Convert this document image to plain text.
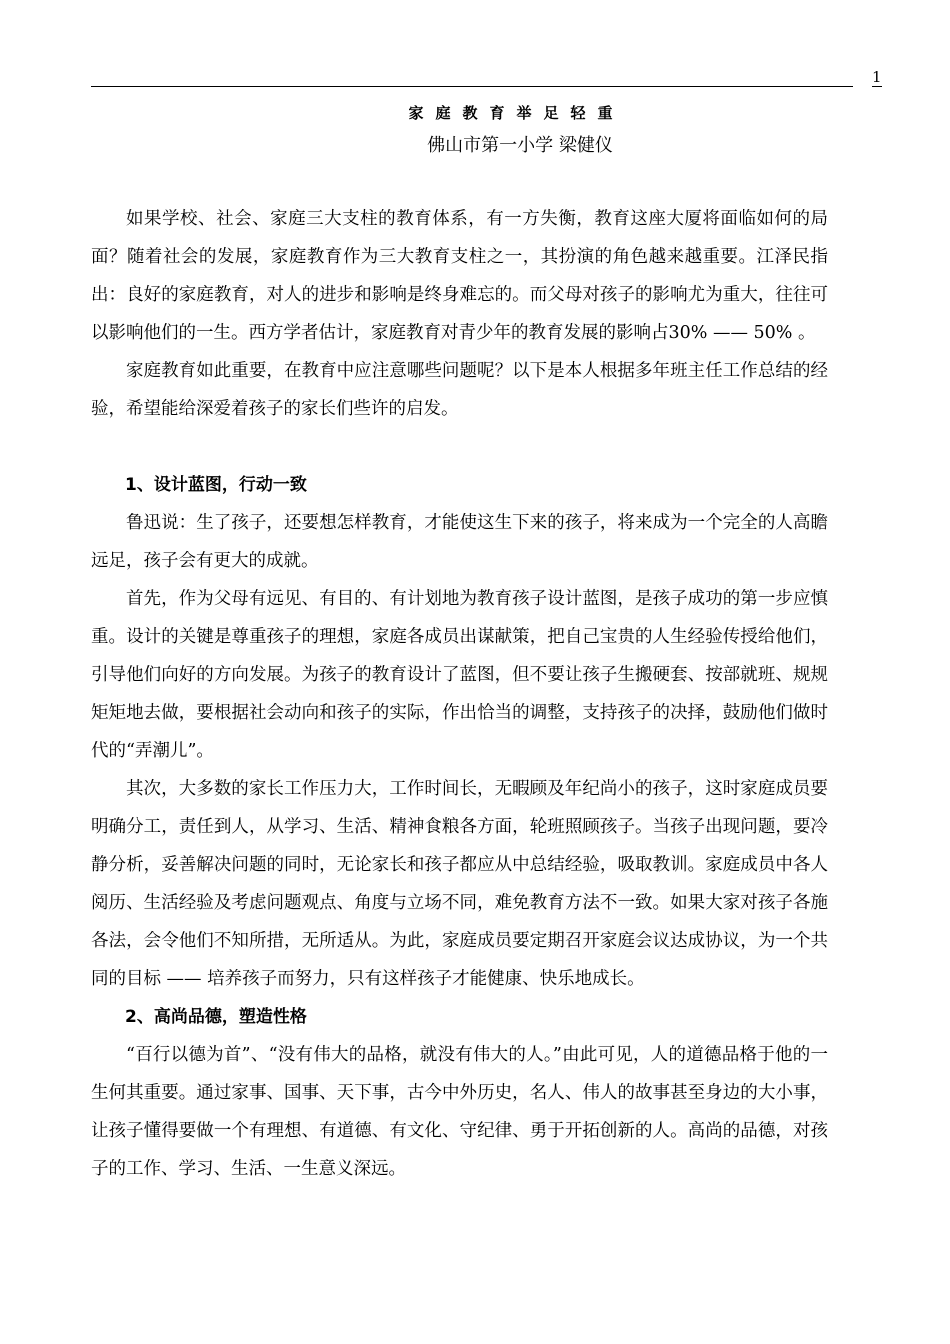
1
家庭教育举足轻重
佛山市第一小学 梁健仪

如果学校、社会、家庭三大支柱的教育体系，有一方失衡，教育这座大厦将面临如何的局面？随着社会的发展，家庭教育作为三大教育支柱之一，其扮演的角色越来越重要。江泽民指出：良好的家庭教育，对人的进步和影响是终身难忘的。而父母对孩子的影响尤为重大，往往可以影响他们的一生。西方学者估计，家庭教育对青少年的教育发展的影响占30% —— 50% 。

家庭教育如此重要，在教育中应注意哪些问题呢？以下是本人根据多年班主任工作总结的经验，希望能给深爱着孩子的家长们些许的启发。

1、设计蓝图，行动一致

鲁迅说：生了孩子，还要想怎样教育，才能使这生下来的孩子，将来成为一个完全的人高瞻远足，孩子会有更大的成就。

首先，作为父母有远见、有目的、有计划地为教育孩子设计蓝图，是孩子成功的第一步应慎重。设计的关键是尊重孩子的理想，家庭各成员出谋献策，把自己宝贵的人生经验传授给他们，引导他们向好的方向发展。为孩子的教育设计了蓝图，但不要让孩子生搬硬套、按部就班、规规矩矩地去做，要根据社会动向和孩子的实际，作出恰当的调整，支持孩子的决择，鼓励他们做时代的“弄潮儿”。

其次，大多数的家长工作压力大，工作时间长，无暇顾及年纪尚小的孩子，这时家庭成员要明确分工，责任到人，从学习、生活、精神食粮各方面，轮班照顾孩子。当孩子出现问题，要冷静分析，妥善解决问题的同时，无论家长和孩子都应从中总结经验，吸取教训。家庭成员中各人阅历、生活经验及考虑问题观点、角度与立场不同，难免教育方法不一致。如果大家对孩子各施各法，会令他们不知所措，无所适从。为此，家庭成员要定期召开家庭会议达成协议，为一个共同的目标 —— 培养孩子而努力，只有这样孩子才能健康、快乐地成长。

2、高尚品德，塑造性格

“百行以德为首”、“没有伟大的品格，就没有伟大的人。”由此可见，人的道德品格于他的一生何其重要。通过家事、国事、天下事，古今中外历史，名人、伟人的故事甚至身边的大小事，让孩子懂得要做一个有理想、有道德、有文化、守纪律、勇于开拓创新的人。高尚的品德，对孩子的工作、学习、生活、一生意义深远。
